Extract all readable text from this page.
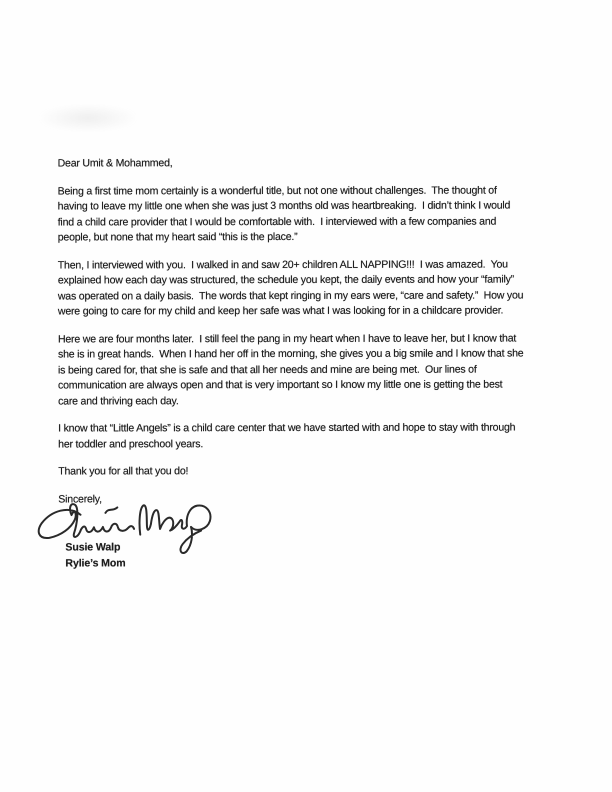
Dear Umit & Mohammed,
Being a first time mom certainly is a wonderful title, but not one without challenges.  The thought of
having to leave my little one when she was just 3 months old was heartbreaking.  I didn’t think I would
find a child care provider that I would be comfortable with.  I interviewed with a few companies and
people, but none that my heart said “this is the place.”
Then, I interviewed with you.  I walked in and saw 20+ children ALL NAPPING!!!  I was amazed.  You
explained how each day was structured, the schedule you kept, the daily events and how your “family”
was operated on a daily basis.  The words that kept ringing in my ears were, “care and safety.”  How you
were going to care for my child and keep her safe was what I was looking for in a childcare provider.
Here we are four months later.  I still feel the pang in my heart when I have to leave her, but I know that
she is in great hands.  When I hand her off in the morning, she gives you a big smile and I know that she
is being cared for, that she is safe and that all her needs and mine are being met.  Our lines of
communication are always open and that is very important so I know my little one is getting the best
care and thriving each day.
I know that “Little Angels” is a child care center that we have started with and hope to stay with through
her toddler and preschool years.
Thank you for all that you do!
Sincerely,
Susie Walp
Rylie’s Mom
